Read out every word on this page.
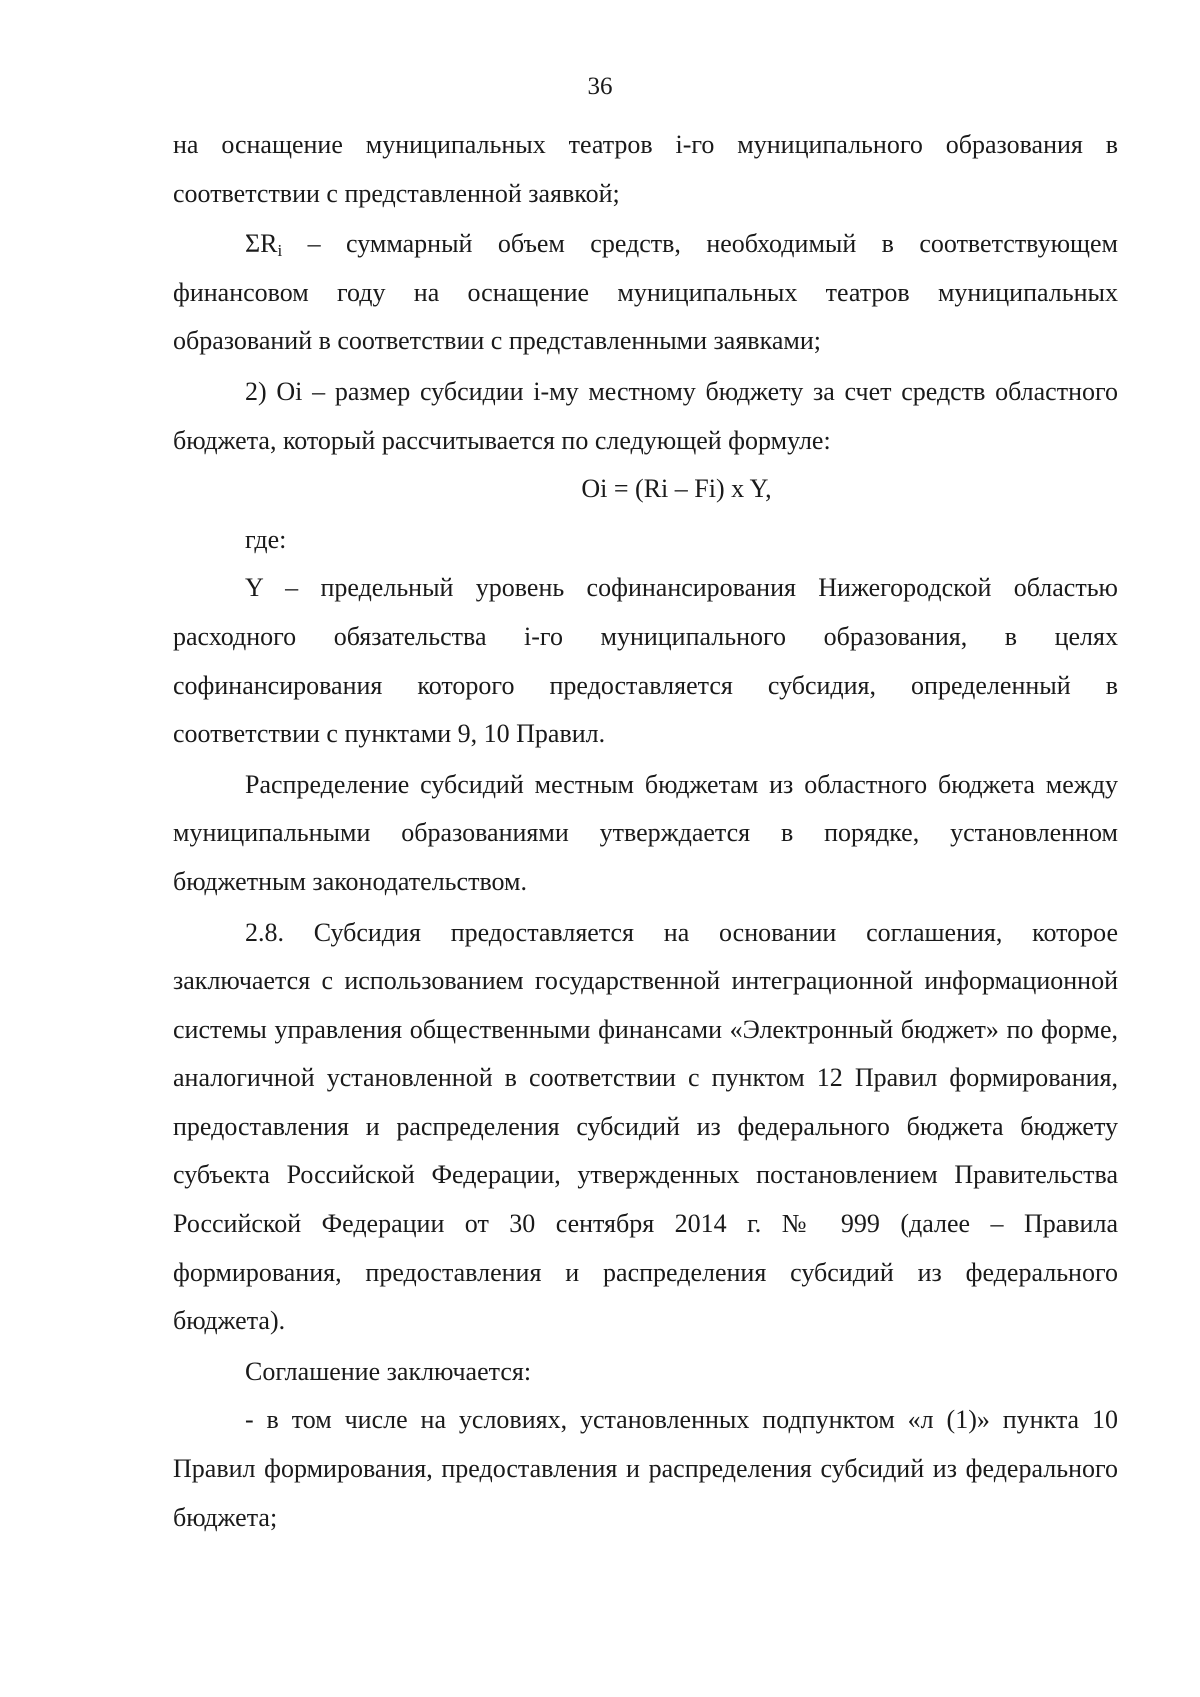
36

на оснащение муниципальных театров i-го муниципального образования в соответствии с представленной заявкой;

$\Sigma R_i$ – суммарный объем средств, необходимый в соответствующем финансовом году на оснащение муниципальных театров муниципальных образований в соответствии с представленными заявками;

2) Oi – размер субсидии i-му местному бюджету за счет средств областного бюджета, который рассчитывается по следующей формуле:

Oi = (Ri – Fi) x Y,

где:

Y – предельный уровень софинансирования Нижегородской областью расходного обязательства i-го муниципального образования, в целях софинансирования которого предоставляется субсидия, определенный в соответствии с пунктами 9, 10 Правил.

Распределение субсидий местным бюджетам из областного бюджета между муниципальными образованиями утверждается в порядке, установленном бюджетным законодательством.

2.8. Субсидия предоставляется на основании соглашения, которое заключается с использованием государственной интеграционной информационной системы управления общественными финансами «Электронный бюджет» по форме, аналогичной установленной в соответствии с пунктом 12 Правил формирования, предоставления и распределения субсидий из федерального бюджета бюджету субъекта Российской Федерации, утвержденных постановлением Правительства Российской Федерации от 30 сентября 2014 г. № 999 (далее – Правила формирования, предоставления и распределения субсидий из федерального бюджета).

Соглашение заключается:

- в том числе на условиях, установленных подпунктом «л (1)» пункта 10 Правил формирования, предоставления и распределения субсидий из федерального бюджета;
